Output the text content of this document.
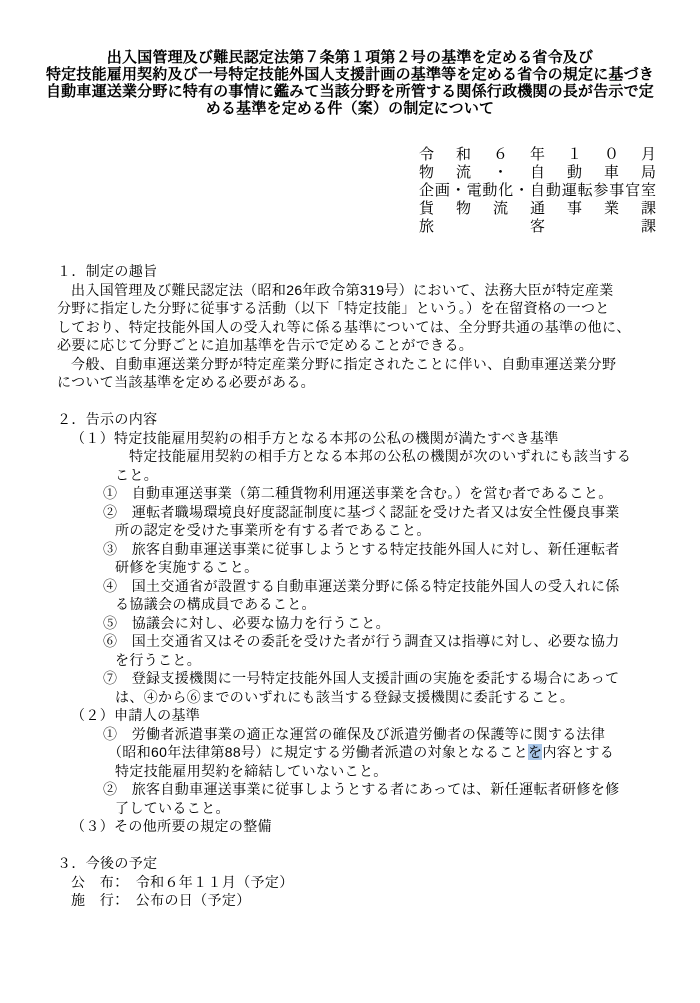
出入国管理及び難民認定法第７条第１項第２号の基準を定める省令及び
特定技能雇用契約及び一号特定技能外国人支援計画の基準等を定める省令の規定に基づき
自動車運送業分野に特有の事情に鑑みて当該分野を所管する関係行政機関の長が告示で定
める基準を定める件（案）の制定について
令和６年１０月
物流・自動車局
企画・電動化・自動運転参事官室
貨物流通事業課
旅客課
１．制定の趣旨
出入国管理及び難民認定法（昭和26年政令第319号）において、法務大臣が特定産業
分野に指定した分野に従事する活動（以下「特定技能」という。）を在留資格の一つと
しており、特定技能外国人の受入れ等に係る基準については、全分野共通の基準の他に、
必要に応じて分野ごとに追加基準を告示で定めることができる。
今般、自動車運送業分野が特定産業分野に指定されたことに伴い、自動車運送業分野
について当該基準を定める必要がある。
２．告示の内容
（１）特定技能雇用契約の相手方となる本邦の公私の機関が満たすべき基準
特定技能雇用契約の相手方となる本邦の公私の機関が次のいずれにも該当する
こと。
①　自動車運送事業（第二種貨物利用運送事業を含む。）を営む者であること。
②　運転者職場環境良好度認証制度に基づく認証を受けた者又は安全性優良事業
所の認定を受けた事業所を有する者であること。
③　旅客自動車運送事業に従事しようとする特定技能外国人に対し、新任運転者
研修を実施すること。
④　国土交通省が設置する自動車運送業分野に係る特定技能外国人の受入れに係
る協議会の構成員であること。
⑤　協議会に対し、必要な協力を行うこと。
⑥　国土交通省又はその委託を受けた者が行う調査又は指導に対し、必要な協力
を行うこと。
⑦　登録支援機関に一号特定技能外国人支援計画の実施を委託する場合にあって
は、④から⑥までのいずれにも該当する登録支援機関に委託すること。
（２）申請人の基準
①　労働者派遣事業の適正な運営の確保及び派遣労働者の保護等に関する法律
（昭和60年法律第88号）に規定する労働者派遣の対象となることを内容とする
特定技能雇用契約を締結していないこと。
②　旅客自動車運送事業に従事しようとする者にあっては、新任運転者研修を修
了していること。
（３）その他所要の規定の整備
３．今後の予定
公　布：　令和６年１１月（予定）
施　行：　公布の日（予定）
